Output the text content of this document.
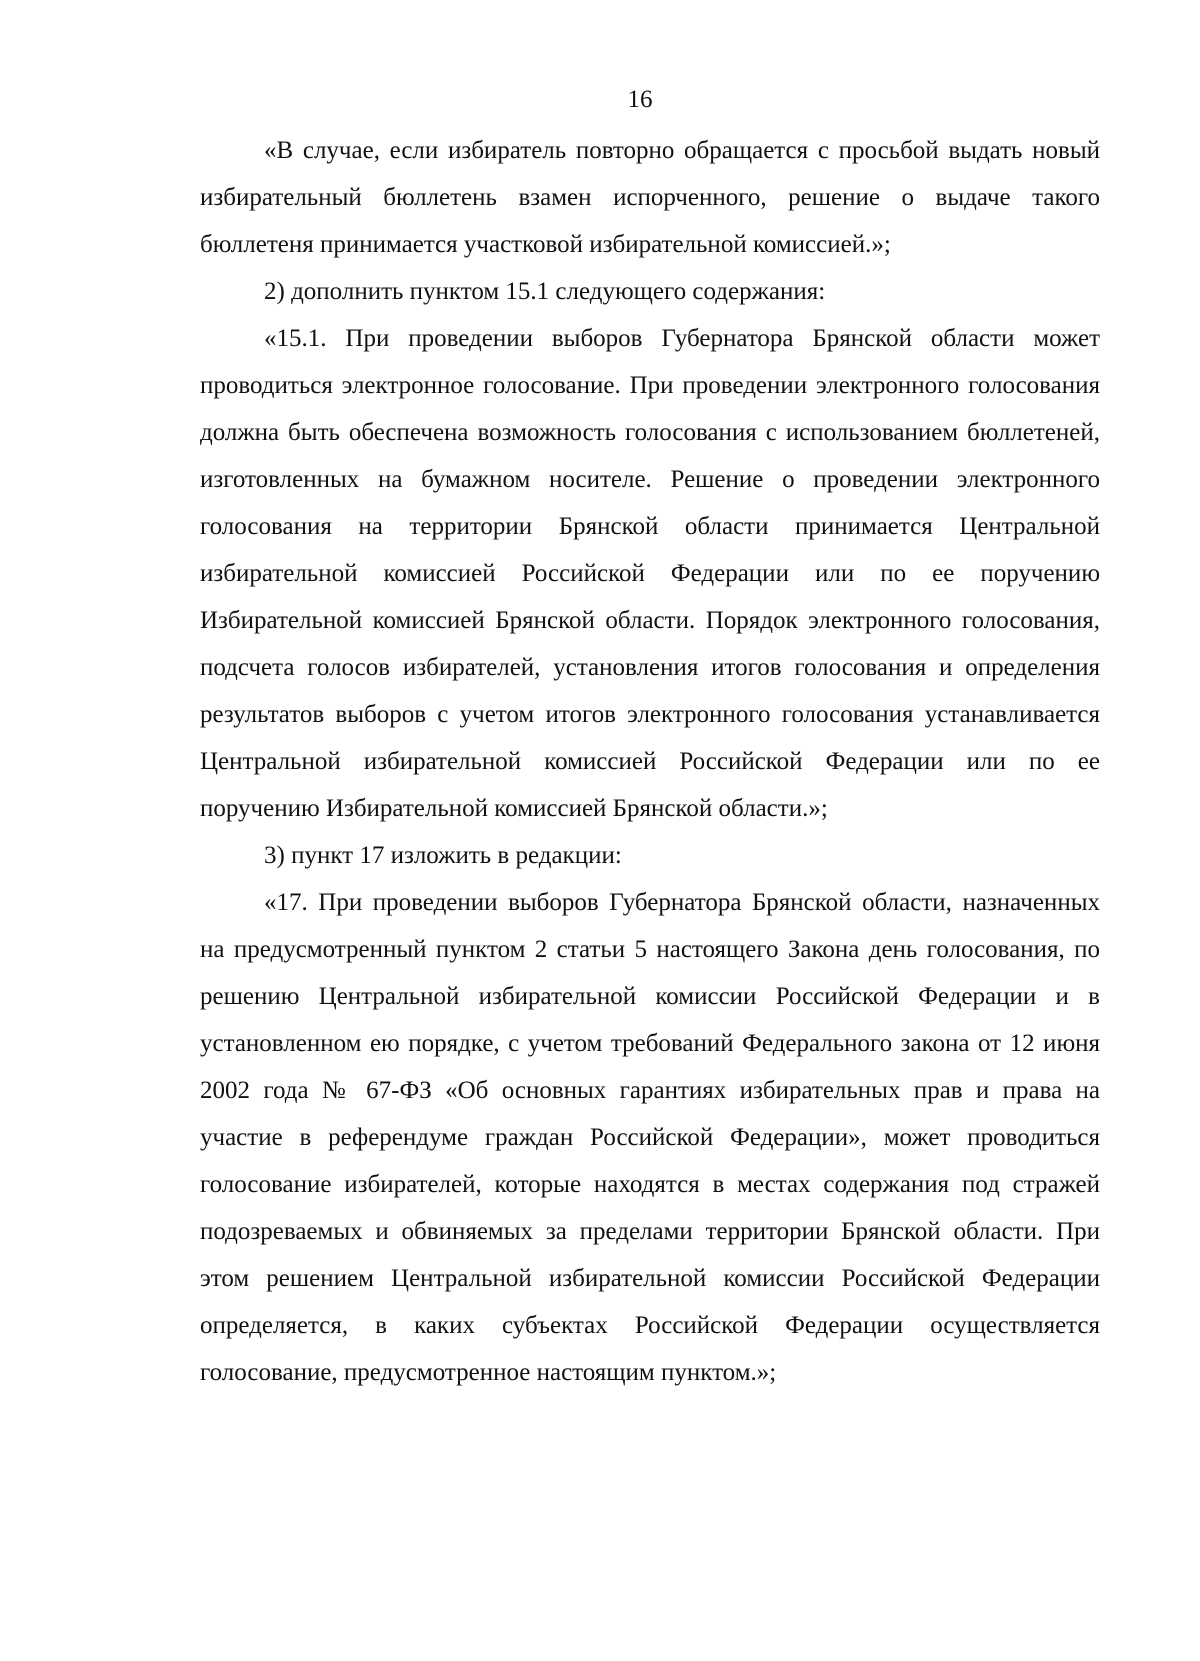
16

«В случае, если избиратель повторно обращается с просьбой выдать новый избирательный бюллетень взамен испорченного, решение о выдаче такого бюллетеня принимается участковой избирательной комиссией.»;

2) дополнить пунктом 15.1 следующего содержания:

«15.1. При проведении выборов Губернатора Брянской области может проводиться электронное голосование. При проведении электронного голосования должна быть обеспечена возможность голосования с использованием бюллетеней, изготовленных на бумажном носителе. Решение о проведении электронного голосования на территории Брянской области принимается Центральной избирательной комиссией Российской Федерации или по ее поручению Избирательной комиссией Брянской области. Порядок электронного голосования, подсчета голосов избирателей, установления итогов голосования и определения результатов выборов с учетом итогов электронного голосования устанавливается Центральной избирательной комиссией Российской Федерации или по ее поручению Избирательной комиссией Брянской области.»;

3) пункт 17 изложить в редакции:

«17. При проведении выборов Губернатора Брянской области, назначенных на предусмотренный пунктом 2 статьи 5 настоящего Закона день голосования, по решению Центральной избирательной комиссии Российской Федерации и в установленном ею порядке, с учетом требований Федерального закона от 12 июня 2002 года № 67-ФЗ «Об основных гарантиях избирательных прав и права на участие в референдуме граждан Российской Федерации», может проводиться голосование избирателей, которые находятся в местах содержания под стражей подозреваемых и обвиняемых за пределами территории Брянской области. При этом решением Центральной избирательной комиссии Российской Федерации определяется, в каких субъектах Российской Федерации осуществляется голосование, предусмотренное настоящим пунктом.»;
